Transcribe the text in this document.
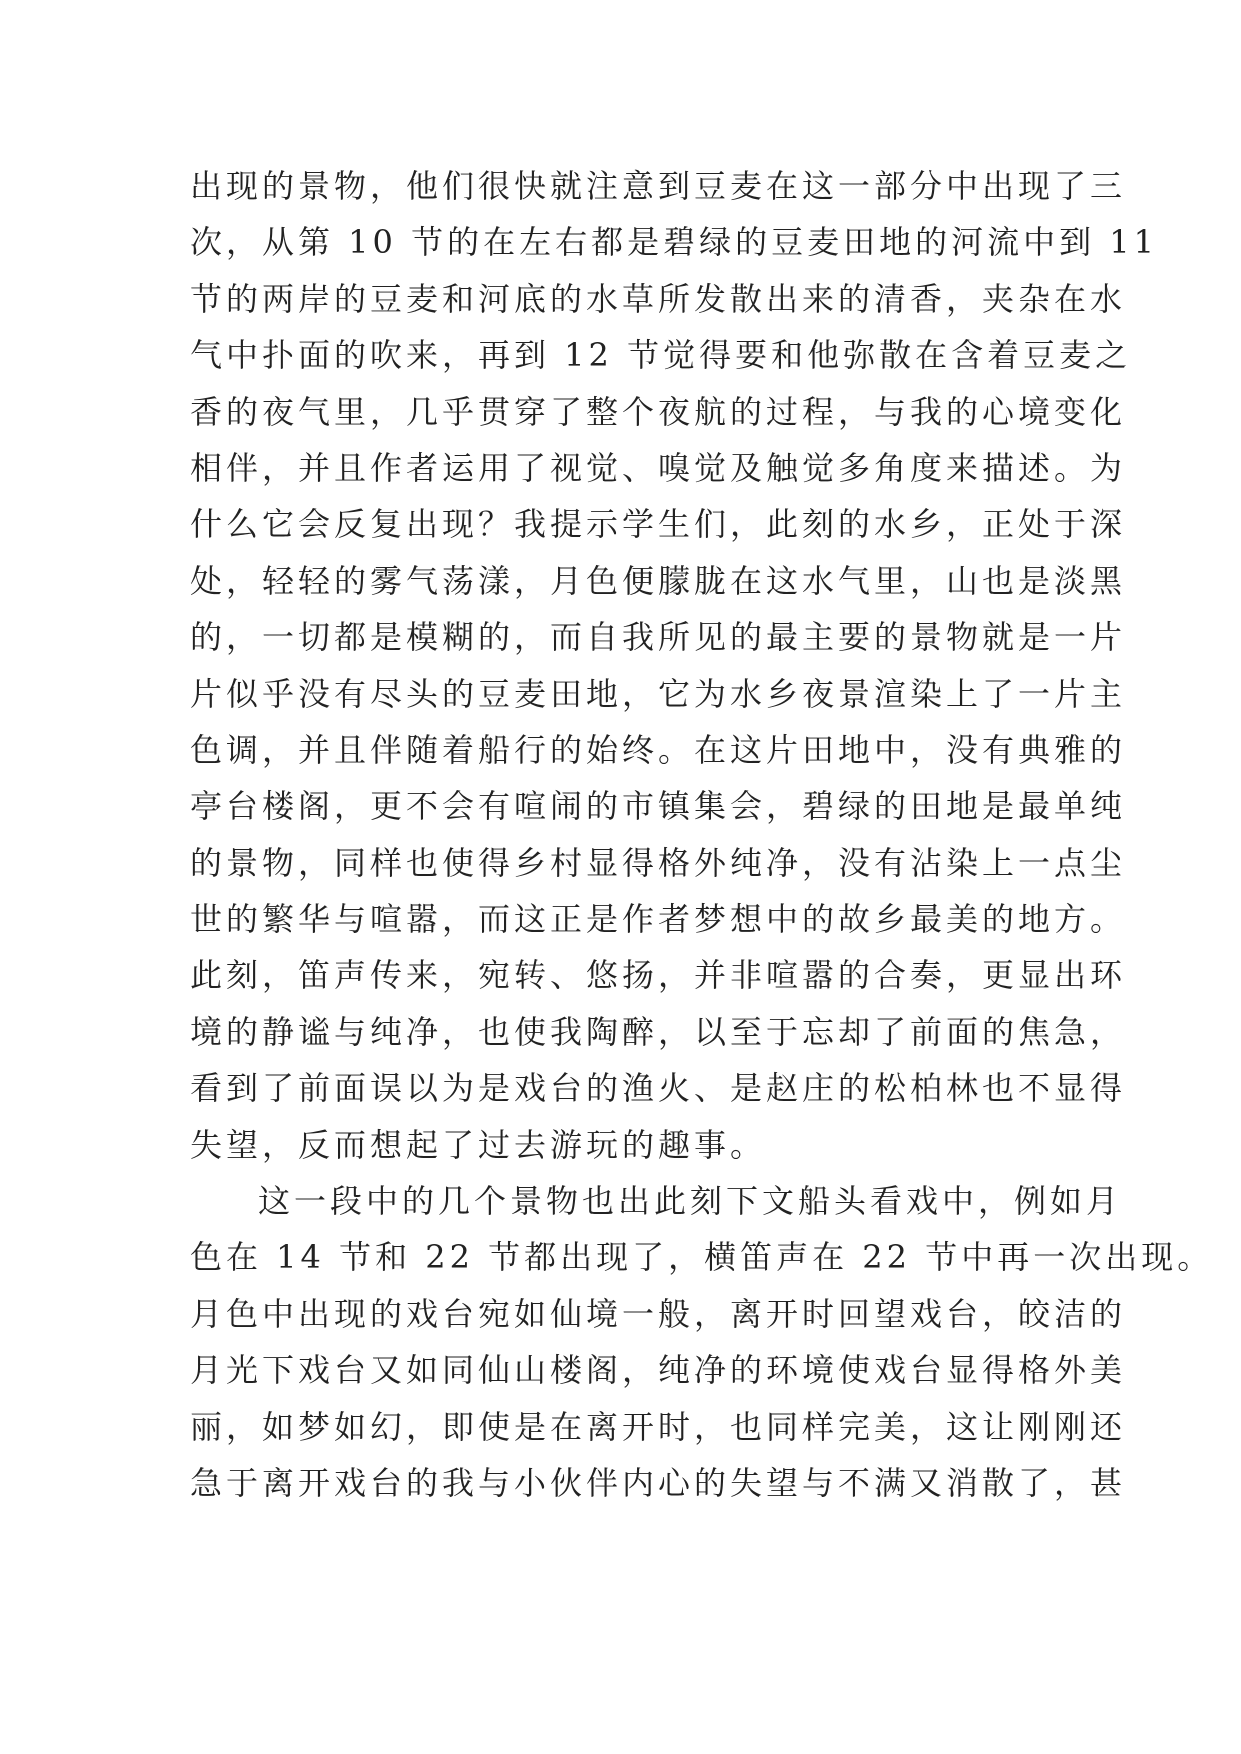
出现的景物，他们很快就注意到豆麦在这一部分中出现了三
次，从第 10 节的在左右都是碧绿的豆麦田地的河流中到 11
节的两岸的豆麦和河底的水草所发散出来的清香，夹杂在水
气中扑面的吹来，再到 12 节觉得要和他弥散在含着豆麦之
香的夜气里，几乎贯穿了整个夜航的过程，与我的心境变化
相伴，并且作者运用了视觉、嗅觉及触觉多角度来描述。为
什么它会反复出现？我提示学生们，此刻的水乡，正处于深
处，轻轻的雾气荡漾，月色便朦胧在这水气里，山也是淡黑
的，一切都是模糊的，而自我所见的最主要的景物就是一片
片似乎没有尽头的豆麦田地，它为水乡夜景渲染上了一片主
色调，并且伴随着船行的始终。在这片田地中，没有典雅的
亭台楼阁，更不会有喧闹的市镇集会，碧绿的田地是最单纯
的景物，同样也使得乡村显得格外纯净，没有沾染上一点尘
世的繁华与喧嚣，而这正是作者梦想中的故乡最美的地方。
此刻，笛声传来，宛转、悠扬，并非喧嚣的合奏，更显出环
境的静谧与纯净，也使我陶醉，以至于忘却了前面的焦急，
看到了前面误以为是戏台的渔火、是赵庄的松柏林也不显得
失望，反而想起了过去游玩的趣事。
这一段中的几个景物也出此刻下文船头看戏中，例如月
色在 14 节和 22 节都出现了，横笛声在 22 节中再一次出现。
月色中出现的戏台宛如仙境一般，离开时回望戏台，皎洁的
月光下戏台又如同仙山楼阁，纯净的环境使戏台显得格外美
丽，如梦如幻，即使是在离开时，也同样完美，这让刚刚还
急于离开戏台的我与小伙伴内心的失望与不满又消散了，甚
